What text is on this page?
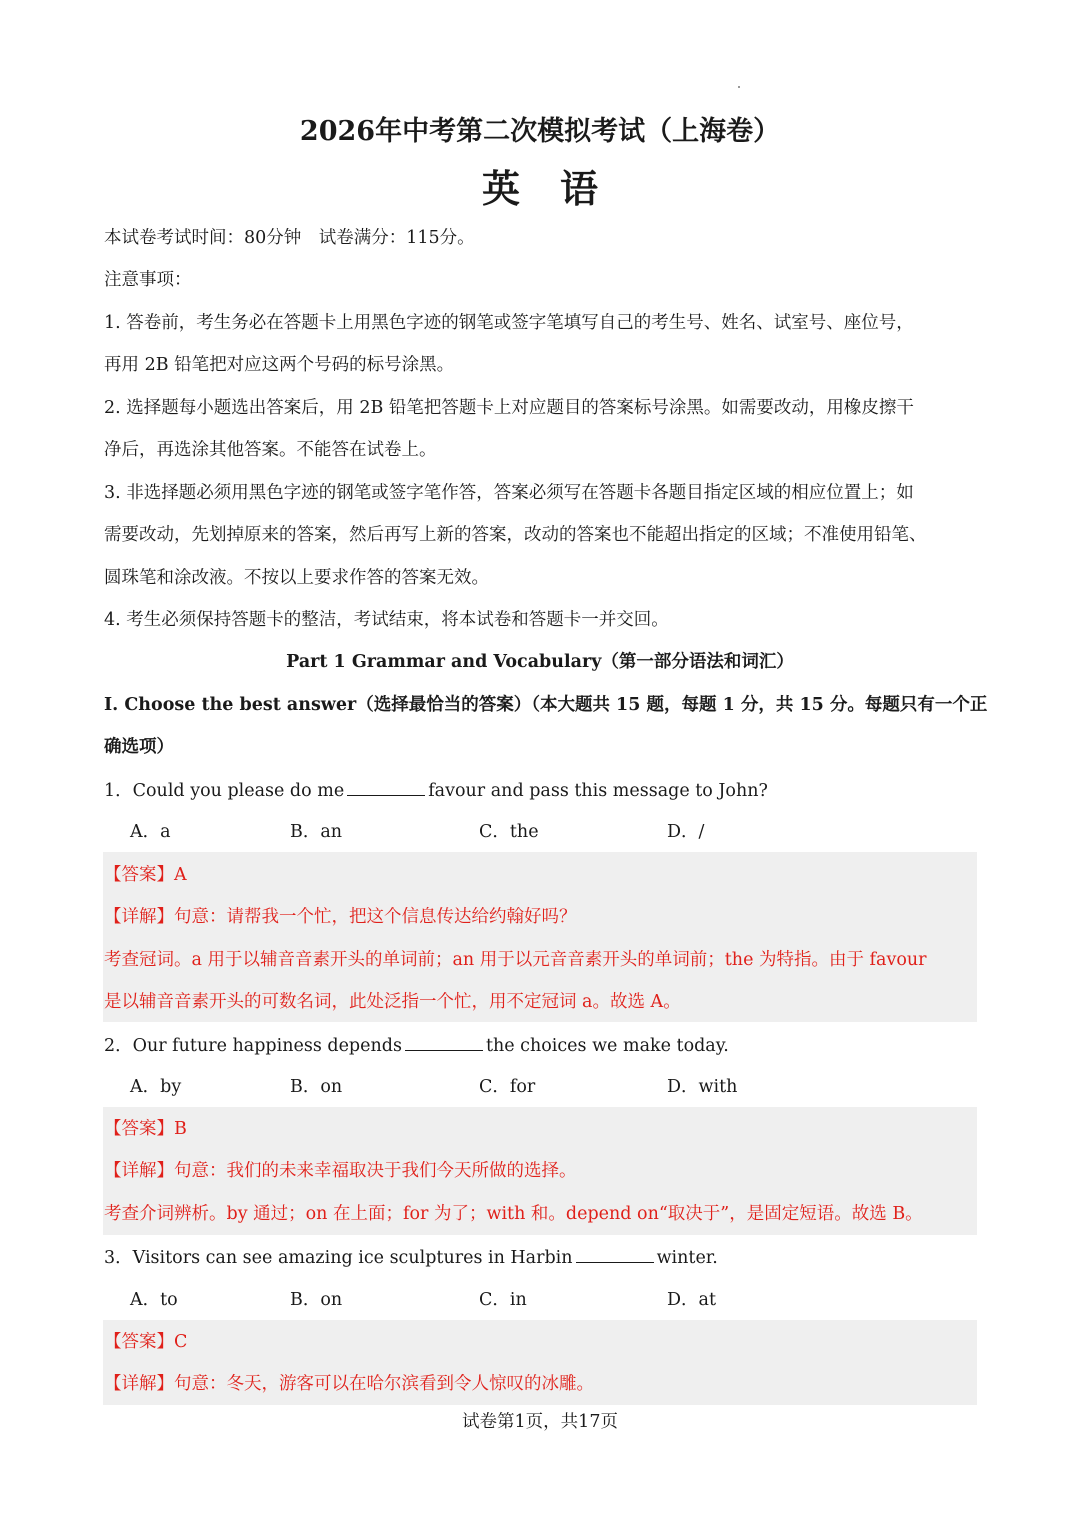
2026年中考第二次模拟考试（上海卷）
英语
本试卷考试时间：80分钟　试卷满分：115分。
注意事项：
1. 答卷前，考生务必在答题卡上用黑色字迹的钢笔或签字笔填写自己的考生号、姓名、试室号、座位号，
再用 2B 铅笔把对应这两个号码的标号涂黑。
2. 选择题每小题选出答案后，用 2B 铅笔把答题卡上对应题目的答案标号涂黑。如需要改动，用橡皮擦干
净后，再选涂其他答案。不能答在试卷上。
3. 非选择题必须用黑色字迹的钢笔或签字笔作答，答案必须写在答题卡各题目指定区域的相应位置上；如
需要改动，先划掉原来的答案，然后再写上新的答案，改动的答案也不能超出指定的区域；不准使用铅笔、
圆珠笔和涂改液。不按以上要求作答的答案无效。
4. 考生必须保持答题卡的整洁，考试结束，将本试卷和答题卡一并交回。
Part 1 Grammar and Vocabulary（第一部分语法和词汇）
I. Choose the best answer（选择最恰当的答案）（本大题共 15 题，每题 1 分，共 15 分。每题只有一个正
确选项）
1．Could you please do me	favour and pass this message to John?
A．a	B．an	C．the	D．/
【答案】A
【详解】句意：请帮我一个忙，把这个信息传达给约翰好吗？
考查冠词。a 用于以辅音音素开头的单词前；an 用于以元音音素开头的单词前；the 为特指。由于 favour
是以辅音音素开头的可数名词，此处泛指一个忙，用不定冠词 a。故选 A。
2．Our future happiness depends	the choices we make today.
A．by	B．on	C．for	D．with
【答案】B
【详解】句意：我们的未来幸福取决于我们今天所做的选择。
考查介词辨析。by 通过；on 在上面；for 为了；with 和。depend on“取决于”，是固定短语。故选 B。
3．Visitors can see amazing ice sculptures in Harbin	winter.
A．to	B．on	C．in	D．at
【答案】C
【详解】句意：冬天，游客可以在哈尔滨看到令人惊叹的冰雕。
试卷第1页，共17页
